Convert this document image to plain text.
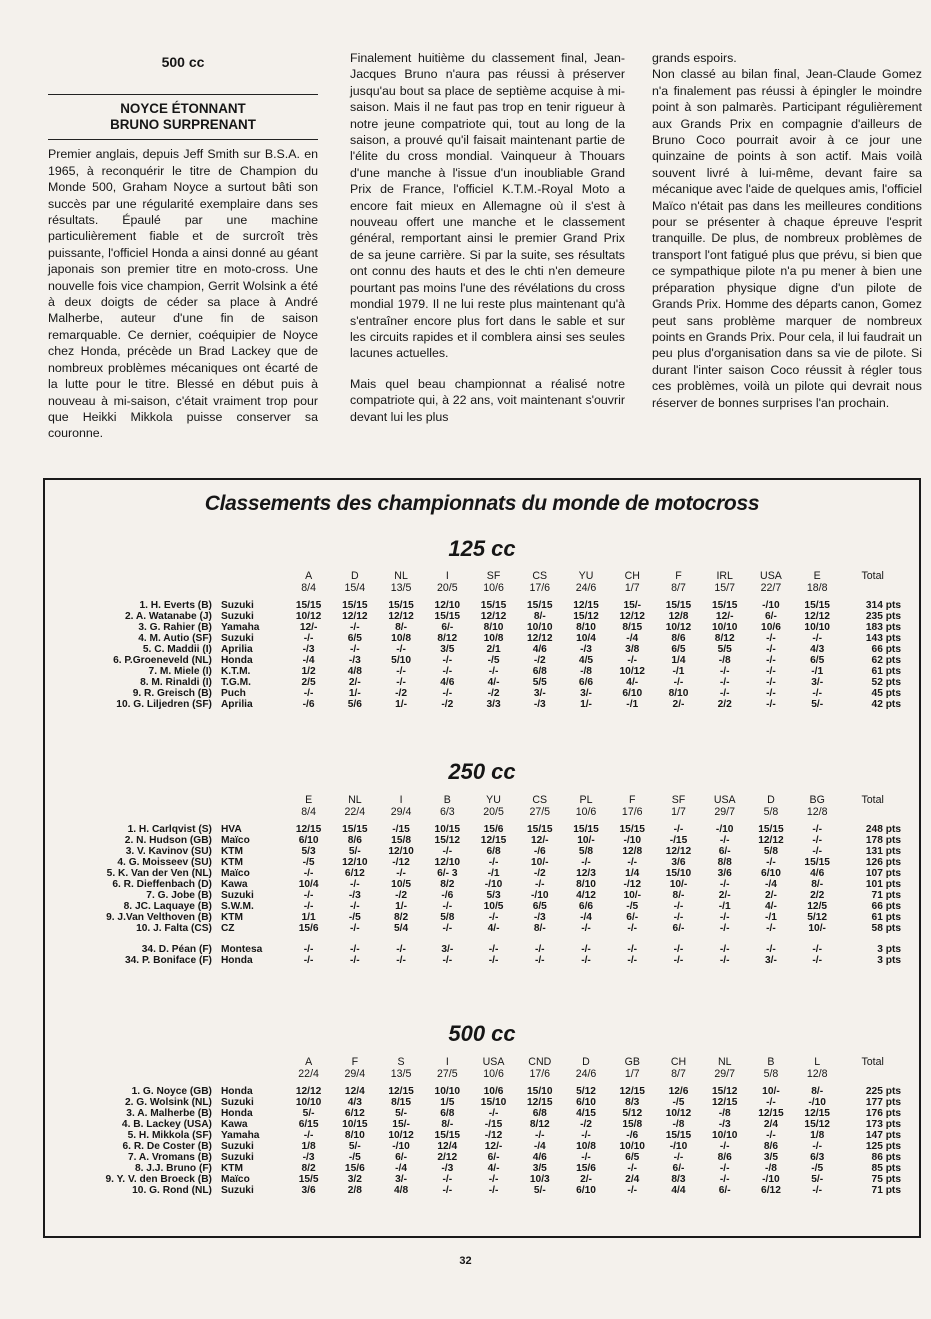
500 cc
NOYCE ÉTONNANT
BRUNO SURPRENANT

Premier anglais, depuis Jeff Smith sur B.S.A. en 1965, à reconquérir le titre de Champion du Monde 500, Graham Noyce a surtout bâti son succès par une régularité exemplaire dans ses résultats. Épaulé par une machine particulièrement fiable et de surcroît très puissante, l'officiel Honda a ainsi donné au géant japonais son premier titre en moto-cross. Une nouvelle fois vice champion, Gerrit Wolsink a été à deux doigts de céder sa place à André Malherbe, auteur d'une fin de saison remarquable. Ce dernier, coéquipier de Noyce chez Honda, précède un Brad Lackey que de nombreux problèmes mécaniques ont écarté de la lutte pour le titre. Blessé en début puis à nouveau à mi-saison, c'était vraiment trop pour que Heikki Mikkola puisse conserver sa couronne.

Finalement huitième du classement final, Jean-Jacques Bruno n'aura pas réussi à préserver jusqu'au bout sa place de septième acquise à mi-saison. Mais il ne faut pas trop en tenir rigueur à notre jeune compatriote qui, tout au long de la saison, a prouvé qu'il faisait maintenant partie de l'élite du cross mondial. Vainqueur à Thouars d'une manche à l'issue d'un inoubliable Grand Prix de France, l'officiel K.T.M.-Royal Moto a encore fait mieux en Allemagne où il s'est à nouveau offert une manche et le classement général, remportant ainsi le premier Grand Prix de sa jeune carrière. Si par la suite, ses résultats ont connu des hauts et des le chti n'en demeure pourtant pas moins l'une des révélations du cross mondial 1979. Il ne lui reste plus maintenant qu'à s'entraîner encore plus fort dans le sable et sur les circuits rapides et il comblera ainsi ses seules lacunes actuelles.

Mais quel beau championnat a réalisé notre compatriote qui, à 22 ans, voit maintenant s'ouvrir devant lui les plus

grands espoirs.

Non classé au bilan final, Jean-Claude Gomez n'a finalement pas réussi à épingler le moindre point à son palmarès. Participant régulièrement aux Grands Prix en compagnie d'ailleurs de Bruno Coco pourrait avoir à ce jour une quinzaine de points à son actif. Mais voilà souvent livré à lui-même, devant faire sa mécanique avec l'aide de quelques amis, l'officiel Maïco n'était pas dans les meilleures conditions pour se présenter à chaque épreuve l'esprit tranquille. De plus, de nombreux problèmes de transport l'ont fatigué plus que prévu, si bien que ce sympathique pilote n'a pu mener à bien une préparation physique digne d'un pilote de Grands Prix. Homme des départs canon, Gomez peut sans problème marquer de nombreux points en Grands Prix. Pour cela, il lui faudrait un peu plus d'organisation dans sa vie de pilote. Si durant l'inter saison Coco réussit à régler tous ces problèmes, voilà un pilote qui devrait nous réserver de bonnes surprises l'an prochain.

Classements des championnats du monde de motocross
125 cc
		A	D	NL	I	SF	CS	YU	CH	F	IRL	USA	E	Total
		8/4	15/4	13/5	20/5	10/6	17/6	24/6	1/7	8/7	15/7	22/7	18/8	
1. H. Everts (B)	Suzuki	15/15	15/15	15/15	12/10	15/15	15/15	12/15	15/-	15/15	15/15	-/10	15/15	314 pts
2. A. Watanabe (J)	Suzuki	10/12	12/12	12/12	15/15	12/12	8/-	15/12	12/12	12/8	12/-	6/-	12/12	235 pts
3. G. Rahier (B)	Yamaha	12/-	-/-	8/-	6/-	8/10	10/10	8/10	8/15	10/12	10/10	10/6	10/10	183 pts
4. M. Autio (SF)	Suzuki	-/-	6/5	10/8	8/12	10/8	12/12	10/4	-/4	8/6	8/12	-/-	-/-	143 pts
5. C. Maddii (I)	Aprilia	-/3	-/-	-/-	3/5	2/1	4/6	-/3	3/8	6/5	5/5	-/-	4/3	66 pts
6. P.Groeneveld (NL)	Honda	-/4	-/3	5/10	-/-	-/5	-/2	4/5	-/-	1/4	-/8	-/-	6/5	62 pts
7. M. Miele (I)	K.T.M.	1/2	4/8	-/-	-/-	-/-	6/8	-/8	10/12	-/1	-/-	-/-	-/1	61 pts
8. M. Rinaldi (I)	T.G.M.	2/5	2/-	-/-	4/6	4/-	5/5	6/6	4/-	-/-	-/-	-/-	3/-	52 pts
9. R. Greisch (B)	Puch	-/-	1/-	-/2	-/-	-/2	3/-	3/-	6/10	8/10	-/-	-/-	-/-	45 pts
10. G. Liljedren (SF)	Aprilia	-/6	5/6	1/-	-/2	3/3	-/3	1/-	-/1	2/-	2/2	-/-	5/-	42 pts
250 cc
		E	NL	I	B	YU	CS	PL	F	SF	USA	D	BG	Total
		8/4	22/4	29/4	6/3	20/5	27/5	10/6	17/6	1/7	29/7	5/8	12/8	
1. H. Carlqvist (S)	HVA	12/15	15/15	-/15	10/15	15/6	15/15	15/15	15/15	-/-	-/10	15/15	-/-	248 pts
2. N. Hudson (GB)	Maïco	6/10	8/6	15/8	15/12	12/15	12/-	10/-	-/10	-/15	-/-	12/12	-/-	178 pts
3. V. Kavinov (SU)	KTM	5/3	5/-	12/10	-/-	6/8	-/6	5/8	12/8	12/12	6/-	5/8	-/-	131 pts
4. G. Moisseev (SU)	KTM	-/5	12/10	-/12	12/10	-/-	10/-	-/-	-/-	3/6	8/8	-/-	15/15	126 pts
5. K. Van der Ven (NL)	Maïco	-/-	6/12	-/-	6/- 3	-/1	-/2	12/3	1/4	15/10	3/6	6/10	4/6	107 pts
6. R. Dieffenbach (D)	Kawa	10/4	-/-	10/5	8/2	-/10	-/-	8/10	-/12	10/-	-/-	-/4	8/-	101 pts
7. G. Jobe (B)	Suzuki	-/-	-/3	-/2	-/6	5/3	-/10	4/12	10/-	8/-	2/-	2/-	2/2	71 pts
8. JC. Laquaye (B)	S.W.M.	-/-	-/-	1/-	-/-	10/5	6/5	6/6	-/5	-/-	-/1	4/-	12/5	66 pts
9. J.Van Velthoven (B)	KTM	1/1	-/5	8/2	5/8	-/-	-/3	-/4	6/-	-/-	-/-	-/1	5/12	61 pts
10. J. Falta (CS)	CZ	15/6	-/-	5/4	-/-	4/-	8/-	-/-	-/-	6/-	-/-	-/-	10/-	58 pts

34. D. Péan (F)	Montesa	-/-	-/-	-/-	3/-	-/-	-/-	-/-	-/-	-/-	-/-	-/-	-/-	3 pts
34. P. Boniface (F)	Honda	-/-	-/-	-/-	-/-	-/-	-/-	-/-	-/-	-/-	-/-	3/-	-/-	3 pts
500 cc
		A	F	S	I	USA	CND	D	GB	CH	NL	B	L	Total
		22/4	29/4	13/5	27/5	10/6	17/6	24/6	1/7	8/7	29/7	5/8	12/8	
1. G. Noyce (GB)	Honda	12/12	12/4	12/15	10/10	10/6	15/10	5/12	12/15	12/6	15/12	10/-	8/-	225 pts
2. G. Wolsink (NL)	Suzuki	10/10	4/3	8/15	1/5	15/10	12/15	6/10	8/3	-/5	12/15	-/-	-/10	177 pts
3. A. Malherbe (B)	Honda	5/-	6/12	5/-	6/8	-/-	6/8	4/15	5/12	10/12	-/8	12/15	12/15	176 pts
4. B. Lackey (USA)	Kawa	6/15	10/15	15/-	8/-	-/15	8/12	-/2	15/8	-/8	-/3	2/4	15/12	173 pts
5. H. Mikkola (SF)	Yamaha	-/-	8/10	10/12	15/15	-/12	-/-	-/-	-/6	15/15	10/10	-/-	1/8	147 pts
6. R. De Coster (B)	Suzuki	1/8	5/-	-/10	12/4	12/-	-/4	10/8	10/10	-/10	-/-	8/6	-/-	125 pts
7. A. Vromans (B)	Suzuki	-/3	-/5	6/-	2/12	6/-	4/6	-/-	6/5	-/-	8/6	3/5	6/3	86 pts
8. J.J. Bruno (F)	KTM	8/2	15/6	-/4	-/3	4/-	3/5	15/6	-/-	6/-	-/-	-/8	-/5	85 pts
9. Y. V. den Broeck (B)	Maïco	15/5	3/2	3/-	-/-	-/-	10/3	2/-	2/4	8/3	-/-	-/10	5/-	75 pts
10. G. Rond (NL)	Suzuki	3/6	2/8	4/8	-/-	-/-	5/-	6/10	-/-	4/4	6/-	6/12	-/-	71 pts
32
